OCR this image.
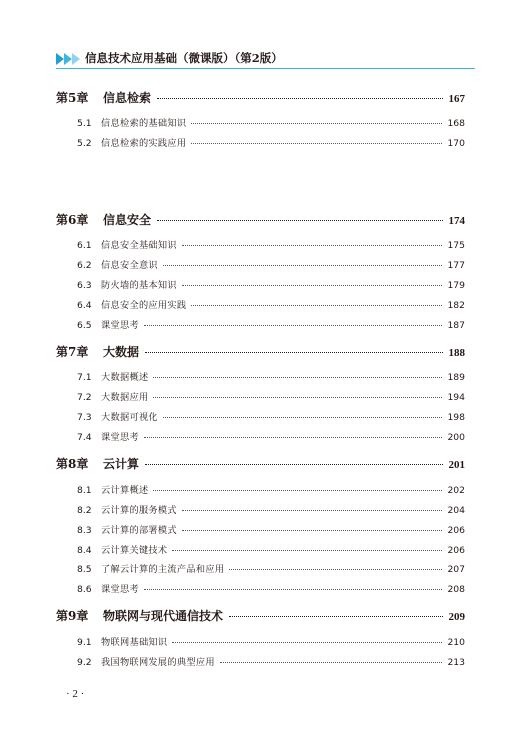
信息技术应用基础（微课版）（第2版）
第5章	信息检索	167
5.1	信息检索的基础知识	168
5.2	信息检索的实践应用	170
第6章	信息安全	174
6.1	信息安全基础知识	175
6.2	信息安全意识	177
6.3	防火墙的基本知识	179
6.4	信息安全的应用实践	182
6.5	课堂思考	187
第7章	大数据	188
7.1	大数据概述	189
7.2	大数据应用	194
7.3	大数据可视化	198
7.4	课堂思考	200
第8章	云计算	201
8.1	云计算概述	202
8.2	云计算的服务模式	204
8.3	云计算的部署模式	206
8.4	云计算关键技术	206
8.5	了解云计算的主流产品和应用	207
8.6	课堂思考	208
第9章	物联网与现代通信技术	209
9.1	物联网基础知识	210
9.2	我国物联网发展的典型应用	213
· 2 ·
